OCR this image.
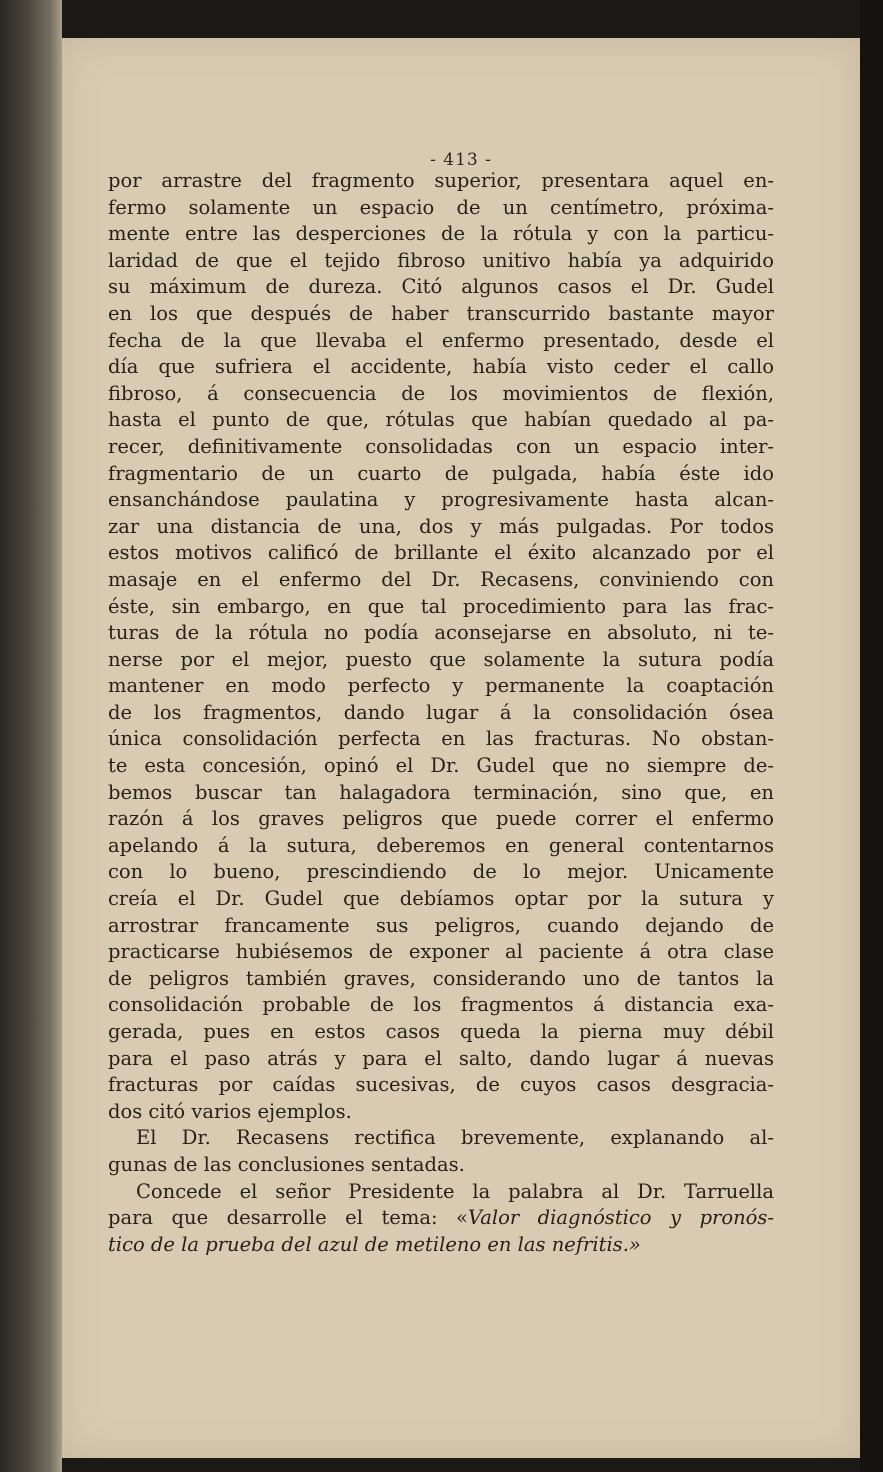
- 413 -
por arrastre del fragmento superior, presentara aquel en-
fermo solamente un espacio de un centímetro, próxima-
mente entre las desperciones de la rótula y con la particu-
laridad de que el tejido fibroso unitivo había ya adquirido
su máximum de dureza. Citó algunos casos el Dr. Gudel
en los que después de haber transcurrido bastante mayor
fecha de la que llevaba el enfermo presentado, desde el
día que sufriera el accidente, había visto ceder el callo
fibroso, á consecuencia de los movimientos de flexión,
hasta el punto de que, rótulas que habían quedado al pa-
recer, definitivamente consolidadas con un espacio inter-
fragmentario de un cuarto de pulgada, había éste ido
ensanchándose paulatina y progresivamente hasta alcan-
zar una distancia de una, dos y más pulgadas. Por todos
estos motivos calificó de brillante el éxito alcanzado por el
masaje en el enfermo del Dr. Recasens, conviniendo con
éste, sin embargo, en que tal procedimiento para las frac-
turas de la rótula no podía aconsejarse en absoluto, ni te-
nerse por el mejor, puesto que solamente la sutura podía
mantener en modo perfecto y permanente la coaptación
de los fragmentos, dando lugar á la consolidación ósea
única consolidación perfecta en las fracturas. No obstan-
te esta concesión, opinó el Dr. Gudel que no siempre de-
bemos buscar tan halagadora terminación, sino que, en
razón á los graves peligros que puede correr el enfermo
apelando á la sutura, deberemos en general contentarnos
con lo bueno, prescindiendo de lo mejor. Unicamente
creía el Dr. Gudel que debíamos optar por la sutura y
arrostrar francamente sus peligros, cuando dejando de
practicarse hubiésemos de exponer al paciente á otra clase
de peligros también graves, considerando uno de tantos la
consolidación probable de los fragmentos á distancia exa-
gerada, pues en estos casos queda la pierna muy débil
para el paso atrás y para el salto, dando lugar á nuevas
fracturas por caídas sucesivas, de cuyos casos desgracia-
dos citó varios ejemplos.
El Dr. Recasens rectifica brevemente, explanando al-
gunas de las conclusiones sentadas.
Concede el señor Presidente la palabra al Dr. Tarruella
para que desarrolle el tema: «Valor diagnóstico y pronós-
tico de la prueba del azul de metileno en las nefritis.»
